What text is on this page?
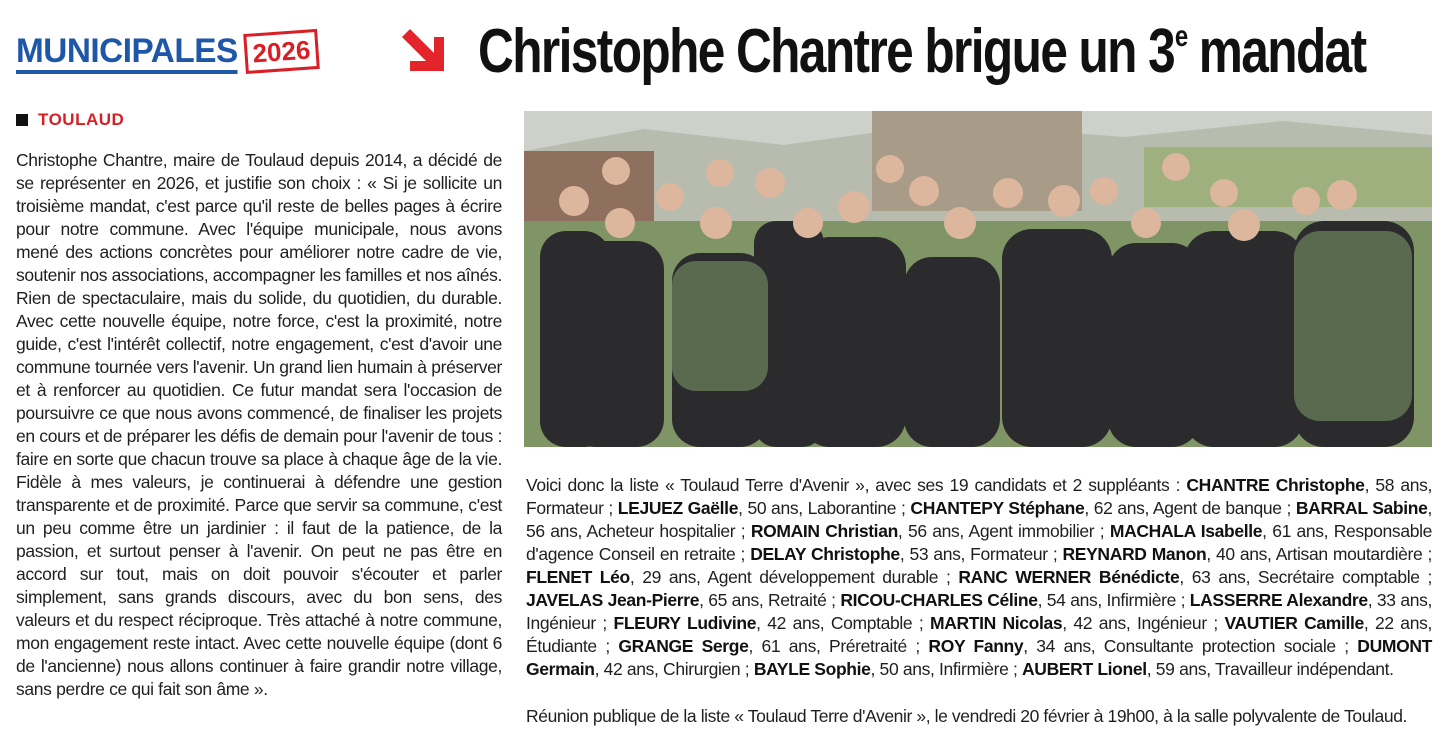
MUNICIPALES 2026	Christophe Chantre brigue un 3e mandat
TOULAUD
Christophe Chantre, maire de Toulaud depuis 2014, a décidé de se représenter en 2026, et justifie son choix : « Si je sollicite un troisième mandat, c'est parce qu'il reste de belles pages à écrire pour notre commune. Avec l'équipe municipale, nous avons mené des actions concrètes pour améliorer notre cadre de vie, soutenir nos associations, accompagner les familles et nos aînés. Rien de spectaculaire, mais du solide, du quotidien, du durable. Avec cette nouvelle équipe, notre force, c'est la proximité, notre guide, c'est l'intérêt collectif, notre engagement, c'est d'avoir une commune tournée vers l'avenir. Un grand lien humain à préserver et à renforcer au quotidien. Ce futur mandat sera l'occasion de poursuivre ce que nous avons commencé, de finaliser les projets en cours et de préparer les défis de demain pour l'avenir de tous : faire en sorte que chacun trouve sa place à chaque âge de la vie. Fidèle à mes valeurs, je continuerai à défendre une gestion transparente et de proximité. Parce que servir sa commune, c'est un peu comme être un jardinier : il faut de la patience, de la passion, et surtout penser à l'avenir. On peut ne pas être en accord sur tout, mais on doit pouvoir s'écouter et parler simplement, sans grands discours, avec du bon sens, des valeurs et du respect réciproque. Très attaché à notre commune, mon engagement reste intact. Avec cette nouvelle équipe (dont 6 de l'ancienne) nous allons continuer à faire grandir notre village, sans perdre ce qui fait son âme ».
Voici donc la liste « Toulaud Terre d'Avenir », avec ses 19 candidats et 2 suppléants : CHANTRE Christophe, 58 ans, Formateur ; LEJUEZ Gaëlle, 50 ans, Laborantine ; CHANTEPY Stéphane, 62 ans, Agent de banque ; BARRAL Sabine, 56 ans, Acheteur hospitalier ; ROMAIN Christian, 56 ans, Agent immobilier ; MACHALA Isabelle, 61 ans, Responsable d'agence Conseil en retraite ; DELAY Christophe, 53 ans, Formateur ; REYNARD Manon, 40 ans, Artisan moutardière ; FLENET Léo, 29 ans, Agent développement durable ; RANC WERNER Bénédicte, 63 ans, Secrétaire comptable ; JAVELAS Jean-Pierre, 65 ans, Retraité ; RICOU-CHARLES Céline, 54 ans, Infirmière ; LASSERRE Alexandre, 33 ans, Ingénieur ; FLEURY Ludivine, 42 ans, Comptable ; MARTIN Nicolas, 42 ans, Ingénieur ; VAUTIER Camille, 22 ans, Étudiante ; GRANGE Serge, 61 ans, Préretraité ; ROY Fanny, 34 ans, Consultante protection sociale ; DUMONT Germain, 42 ans, Chirurgien ; BAYLE Sophie, 50 ans, Infirmière ; AUBERT Lionel, 59 ans, Travailleur indépendant.
Réunion publique de la liste « Toulaud Terre d'Avenir », le vendredi 20 février à 19h00, à la salle polyvalente de Toulaud.
